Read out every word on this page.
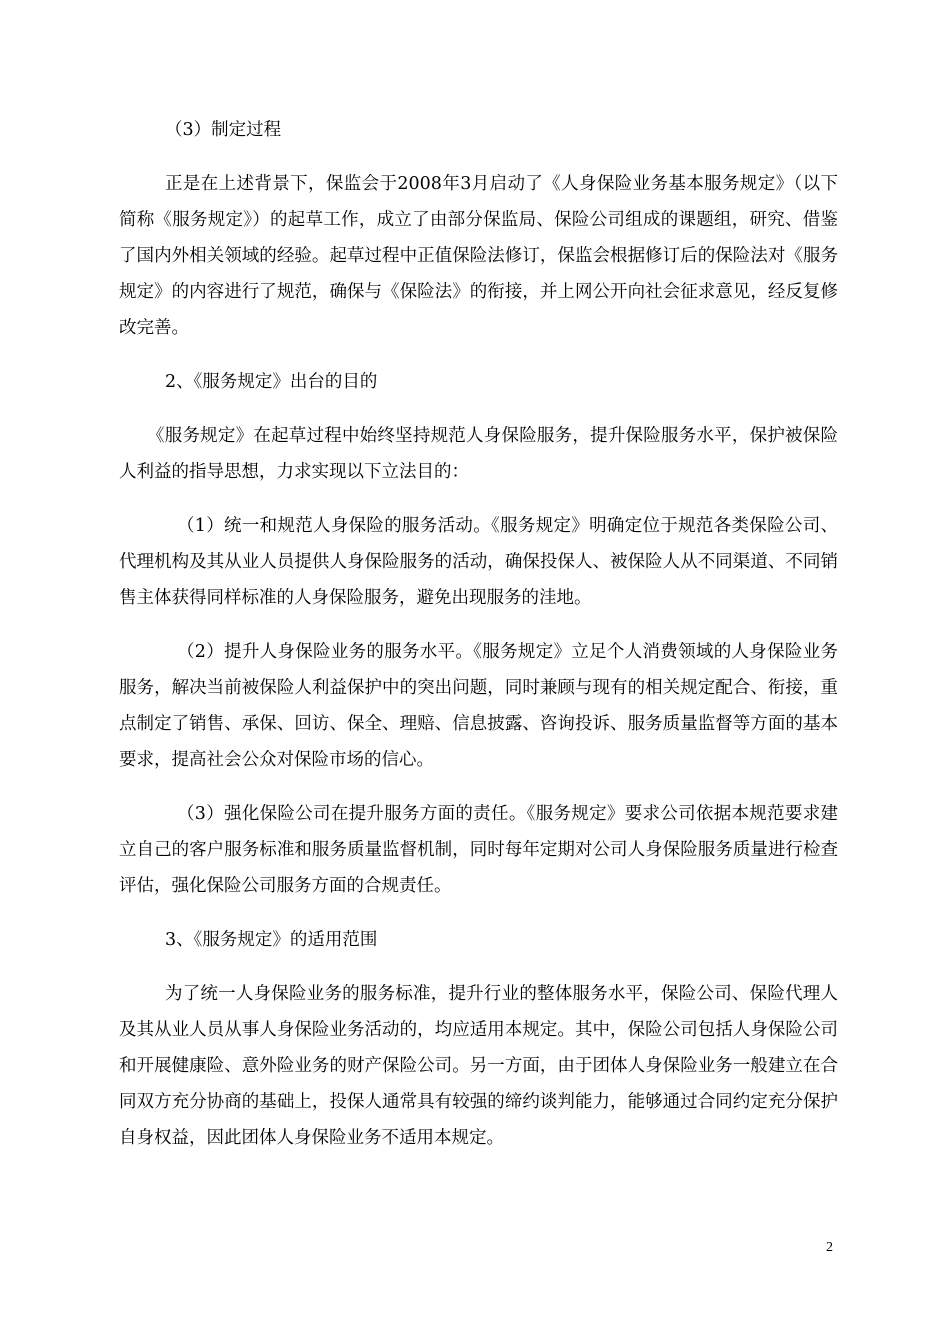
（3）制定过程

正是在上述背景下，保监会于2008年3月启动了《人身保险业务基本服务规定》（以下简称《服务规定》）的起草工作，成立了由部分保监局、保险公司组成的课题组，研究、借鉴了国内外相关领域的经验。起草过程中正值保险法修订，保监会根据修订后的保险法对《服务规定》的内容进行了规范，确保与《保险法》的衔接，并上网公开向社会征求意见，经反复修改完善。

2、《服务规定》出台的目的

《服务规定》在起草过程中始终坚持规范人身保险服务，提升保险服务水平，保护被保险人利益的指导思想，力求实现以下立法目的：

（1）统一和规范人身保险的服务活动。《服务规定》明确定位于规范各类保险公司、代理机构及其从业人员提供人身保险服务的活动，确保投保人、被保险人从不同渠道、不同销售主体获得同样标准的人身保险服务，避免出现服务的洼地。

（2）提升人身保险业务的服务水平。《服务规定》立足个人消费领域的人身保险业务服务，解决当前被保险人利益保护中的突出问题，同时兼顾与现有的相关规定配合、衔接，重点制定了销售、承保、回访、保全、理赔、信息披露、咨询投诉、服务质量监督等方面的基本要求，提高社会公众对保险市场的信心。

（3）强化保险公司在提升服务方面的责任。《服务规定》要求公司依据本规范要求建立自己的客户服务标准和服务质量监督机制，同时每年定期对公司人身保险服务质量进行检查评估，强化保险公司服务方面的合规责任。

3、《服务规定》的适用范围

为了统一人身保险业务的服务标准，提升行业的整体服务水平，保险公司、保险代理人及其从业人员从事人身保险业务活动的，均应适用本规定。其中，保险公司包括人身保险公司和开展健康险、意外险业务的财产保险公司。另一方面，由于团体人身保险业务一般建立在合同双方充分协商的基础上，投保人通常具有较强的缔约谈判能力，能够通过合同约定充分保护自身权益，因此团体人身保险业务不适用本规定。

2
